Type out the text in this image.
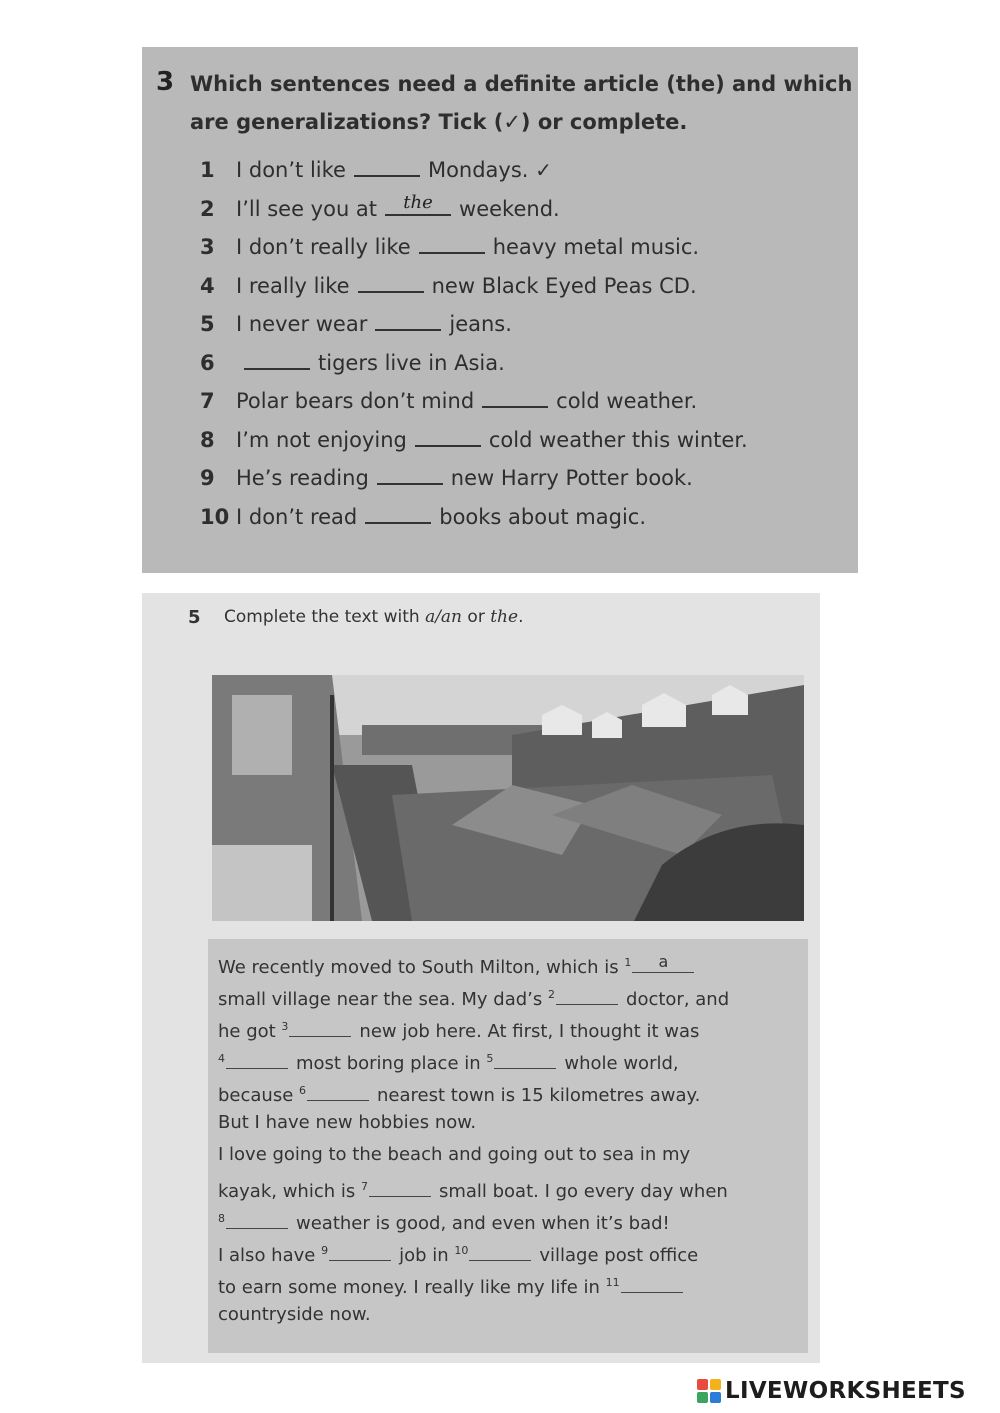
3 Which sentences need a definite article (the) and which are generalizations? Tick (✓) or complete.
1 I don’t like	Mondays. ✓
2 I’ll see you at	the	weekend.
3 I don’t really like	heavy metal music.
4 I really like	new Black Eyed Peas CD.
5 I never wear	jeans.
6	tigers live in Asia.
7 Polar bears don’t mind	cold weather.
8 I’m not enjoying	cold weather this winter.
9 He’s reading	new Harry Potter book.
10 I don’t read	books about magic.
5 Complete the text with a/an or the.
We recently moved to South Milton, which is $^1$	a
small village near the sea. My dad’s $^2$	doctor, and
he got $^3$	new job here. At first, I thought it was
$^4$	most boring place in $^5$	whole world,
because $^6$	nearest town is 15 kilometres away.
But I have new hobbies now.
I love going to the beach and going out to sea in my
kayak, which is $^7$	small boat. I go every day when
$^8$	weather is good, and even when it’s bad!
I also have $^9$	job in $^{10}$	village post office
to earn some money. I really like my life in $^{11}$
countryside now.
LIVEWORKSHEETS
